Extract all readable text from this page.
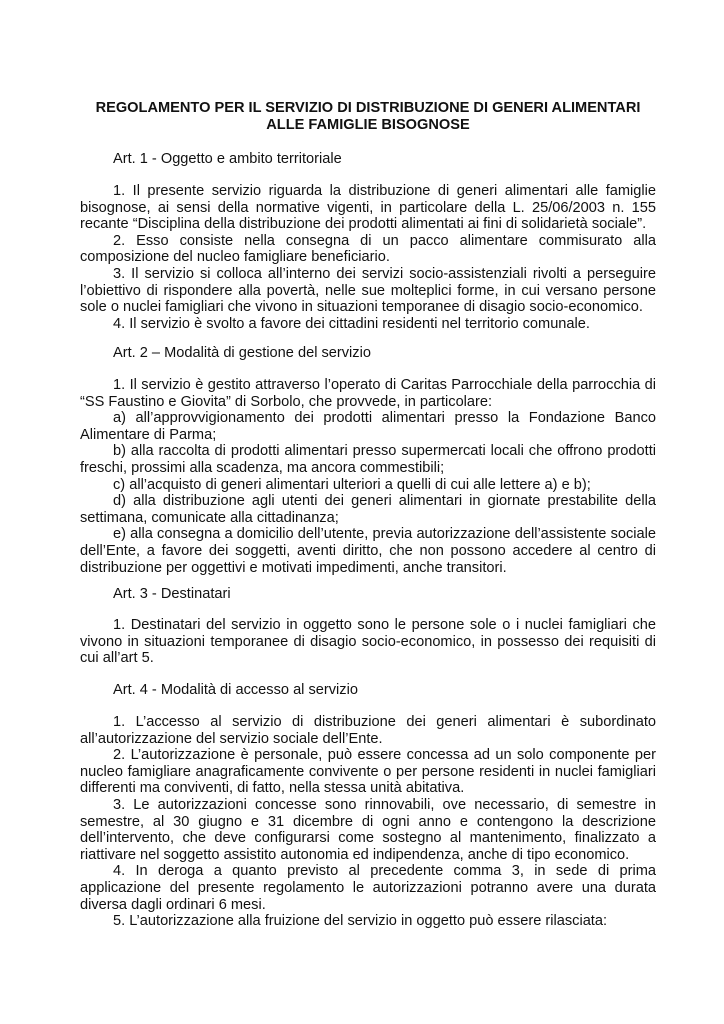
REGOLAMENTO PER IL SERVIZIO DI DISTRIBUZIONE DI GENERI ALIMENTARI ALLE FAMIGLIE BISOGNOSE

Art. 1 - Oggetto e ambito territoriale

1. Il presente servizio riguarda la distribuzione di generi alimentari alle famiglie bisognose, ai sensi della normative vigenti, in particolare della L. 25/06/2003 n. 155 recante “Disciplina della distribuzione dei prodotti alimentati ai fini di solidarietà sociale”.

2. Esso consiste nella consegna di un pacco alimentare commisurato alla composizione del nucleo famigliare beneficiario.

3. Il servizio si colloca all’interno dei servizi socio-assistenziali rivolti a perseguire l’obiettivo di rispondere alla povertà, nelle sue molteplici forme, in cui versano persone sole o nuclei famigliari che vivono in situazioni temporanee di disagio socio-economico.

4. Il servizio è svolto a favore dei cittadini residenti nel territorio comunale.

Art. 2 – Modalità di gestione del servizio

1. Il servizio è gestito attraverso l’operato di Caritas Parrocchiale della parrocchia di “SS Faustino e Giovita” di Sorbolo, che provvede, in particolare:

a) all’approvvigionamento dei prodotti alimentari presso la Fondazione Banco Alimentare di Parma;

b) alla raccolta di prodotti alimentari presso supermercati locali che offrono prodotti freschi, prossimi alla scadenza, ma ancora commestibili;

c) all’acquisto di generi alimentari ulteriori a quelli di cui alle lettere a) e b);

d) alla distribuzione agli utenti dei generi alimentari in giornate prestabilite della settimana, comunicate alla cittadinanza;

e) alla consegna a domicilio dell’utente, previa autorizzazione dell’assistente sociale dell’Ente, a favore dei soggetti, aventi diritto, che non possono accedere al centro di distribuzione per oggettivi e motivati impedimenti, anche transitori.

Art. 3 - Destinatari

1. Destinatari del servizio in oggetto sono le persone sole o i nuclei famigliari che vivono in situazioni temporanee di disagio socio-economico, in possesso dei requisiti di cui all’art 5.

Art. 4 - Modalità di accesso al servizio

1. L’accesso al servizio di distribuzione dei generi alimentari è subordinato all’autorizzazione del servizio sociale dell’Ente.

2. L’autorizzazione è personale, può essere concessa ad un solo componente per nucleo famigliare anagraficamente convivente o per persone residenti in nuclei famigliari differenti ma conviventi, di fatto, nella stessa unità abitativa.

3. Le autorizzazioni concesse sono rinnovabili, ove necessario, di semestre in semestre, al 30 giugno e 31 dicembre di ogni anno e contengono la descrizione dell’intervento, che deve configurarsi come sostegno al mantenimento, finalizzato a riattivare nel soggetto assistito autonomia ed indipendenza, anche di tipo economico.

4. In deroga a quanto previsto al precedente comma 3, in sede di prima applicazione del presente regolamento le autorizzazioni potranno avere una durata diversa dagli ordinari 6 mesi.

5. L’autorizzazione alla fruizione del servizio in oggetto può essere rilasciata:
